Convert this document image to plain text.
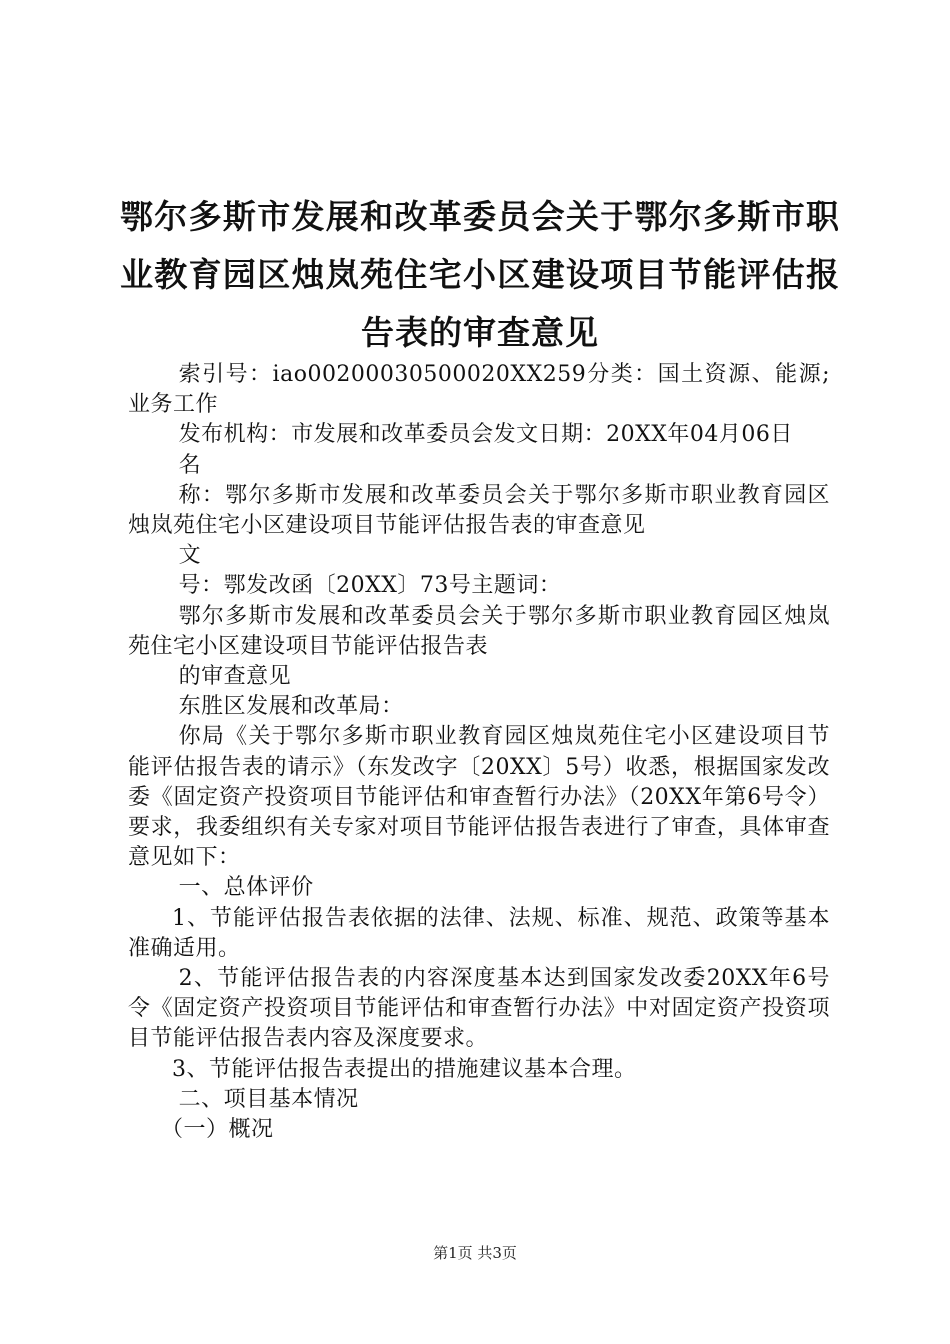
鄂尔多斯市发展和改革委员会关于鄂尔多斯市职业教育园区烛岚苑住宅小区建设项目节能评估报告表的审查意见

索引号：iao00200030500020XX259分类：国土资源、能源;业务工作

发布机构：市发展和改革委员会发文日期：20XX年04月06日

名

称：鄂尔多斯市发展和改革委员会关于鄂尔多斯市职业教育园区烛岚苑住宅小区建设项目节能评估报告表的审查意见

文

号：鄂发改函〔20XX〕73号主题词：

鄂尔多斯市发展和改革委员会关于鄂尔多斯市职业教育园区烛岚苑住宅小区建设项目节能评估报告表

的审查意见

东胜区发展和改革局：

你局《关于鄂尔多斯市职业教育园区烛岚苑住宅小区建设项目节能评估报告表的请示》（东发改字〔20XX〕5号）收悉，根据国家发改委《固定资产投资项目节能评估和审查暂行办法》（20XX年第6号令）要求，我委组织有关专家对项目节能评估报告表进行了审查，具体审查意见如下：

一、总体评价

1、节能评估报告表依据的法律、法规、标准、规范、政策等基本准确适用。

2、节能评估报告表的内容深度基本达到国家发改委20XX年6号令《固定资产投资项目节能评估和审查暂行办法》中对固定资产投资项目节能评估报告表内容及深度要求。

3、节能评估报告表提出的措施建议基本合理。

二、项目基本情况

（一）概况

第1页 共3页
